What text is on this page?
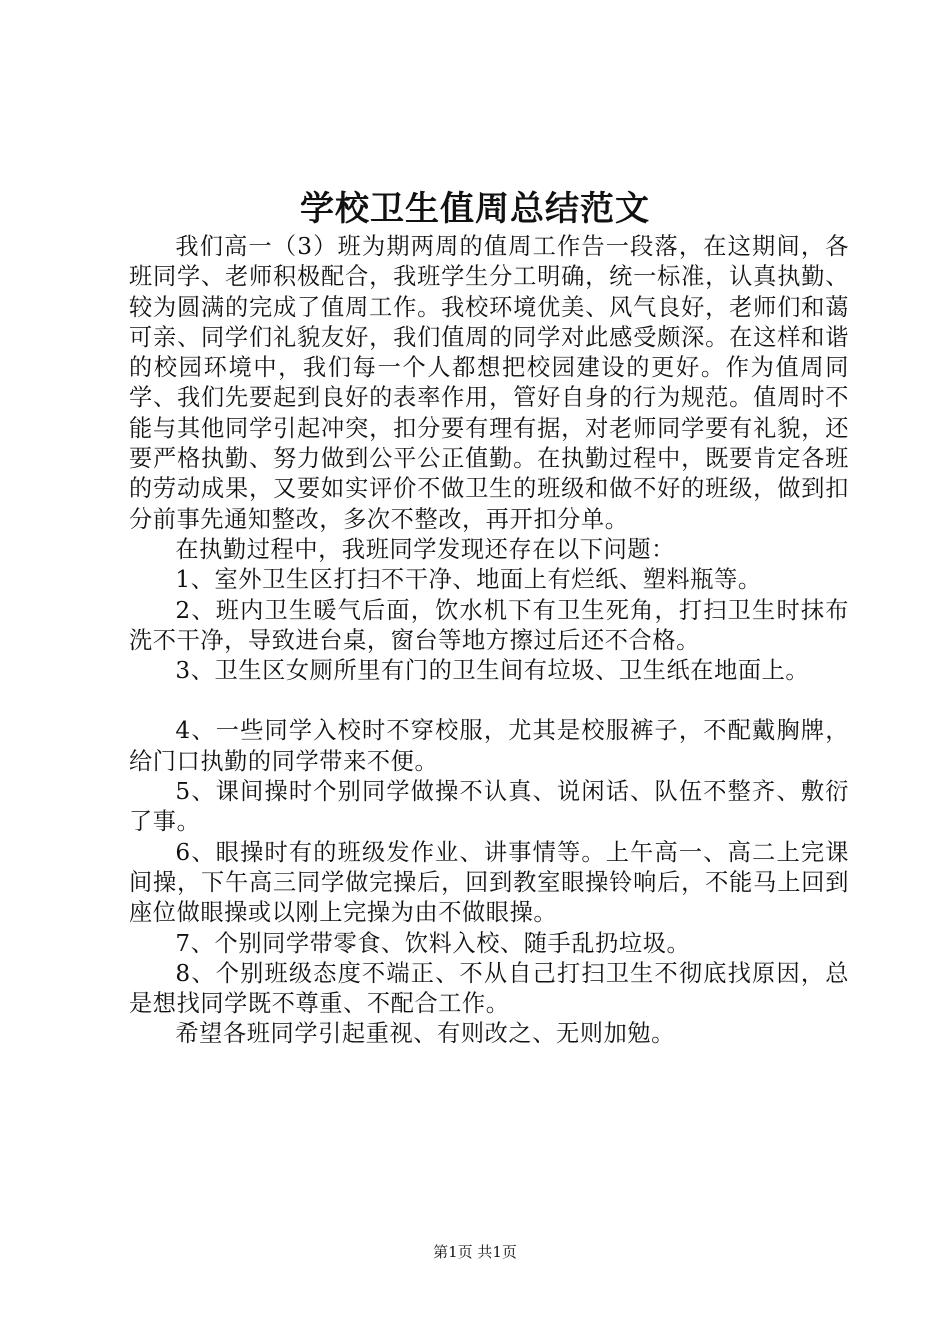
学校卫生值周总结范文

我们高一（3）班为期两周的值周工作告一段落，在这期间，各班同学、老师积极配合，我班学生分工明确，统一标准，认真执勤、较为圆满的完成了值周工作。我校环境优美、风气良好，老师们和蔼可亲、同学们礼貌友好，我们值周的同学对此感受颇深。在这样和谐的校园环境中，我们每一个人都想把校园建设的更好。作为值周同学、我们先要起到良好的表率作用，管好自身的行为规范。值周时不能与其他同学引起冲突，扣分要有理有据，对老师同学要有礼貌，还要严格执勤、努力做到公平公正值勤。在执勤过程中，既要肯定各班的劳动成果，又要如实评价不做卫生的班级和做不好的班级，做到扣分前事先通知整改，多次不整改，再开扣分单。

在执勤过程中，我班同学发现还存在以下问题：

1、室外卫生区打扫不干净、地面上有烂纸、塑料瓶等。

2、班内卫生暖气后面，饮水机下有卫生死角，打扫卫生时抹布洗不干净，导致进台桌，窗台等地方擦过后还不合格。

3、卫生区女厕所里有门的卫生间有垃圾、卫生纸在地面上。

4、一些同学入校时不穿校服，尤其是校服裤子，不配戴胸牌，给门口执勤的同学带来不便。

5、课间操时个别同学做操不认真、说闲话、队伍不整齐、敷衍了事。

6、眼操时有的班级发作业、讲事情等。上午高一、高二上完课间操，下午高三同学做完操后，回到教室眼操铃响后，不能马上回到座位做眼操或以刚上完操为由不做眼操。

7、个别同学带零食、饮料入校、随手乱扔垃圾。

8、个别班级态度不端正、不从自己打扫卫生不彻底找原因，总是想找同学既不尊重、不配合工作。

希望各班同学引起重视、有则改之、无则加勉。

第1页 共1页
